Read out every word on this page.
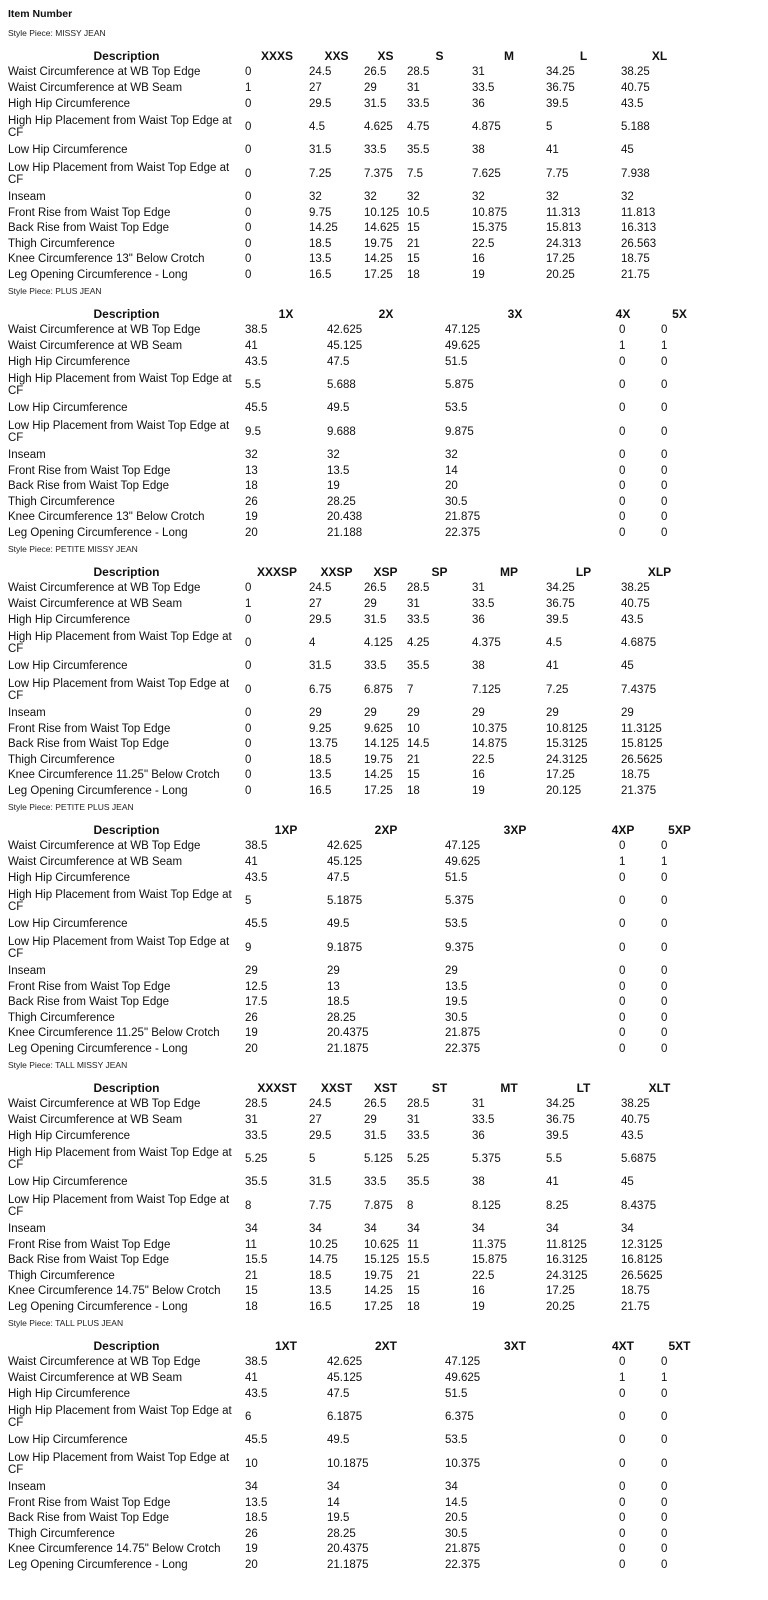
Item Number
Style Piece: MISSY JEAN
Description	XXXS	XXS	XS	S	M	L	XL
Waist Circumference at WB Top Edge	0	24.5	26.5	28.5	31	34.25	38.25
Waist Circumference at WB Seam	1	27	29	31	33.5	36.75	40.75
High Hip Circumference	0	29.5	31.5	33.5	36	39.5	43.5
High Hip Placement from Waist Top Edge at CF	0	4.5	4.625	4.75	4.875	5	5.188
Low Hip Circumference	0	31.5	33.5	35.5	38	41	45
Low Hip Placement from Waist Top Edge at CF	0	7.25	7.375	7.5	7.625	7.75	7.938
Inseam	0	32	32	32	32	32	32
Front Rise from Waist Top Edge	0	9.75	10.125	10.5	10.875	11.313	11.813
Back Rise from Waist Top Edge	0	14.25	14.625	15	15.375	15.813	16.313
Thigh Circumference	0	18.5	19.75	21	22.5	24.313	26.563
Knee Circumference 13" Below Crotch	0	13.5	14.25	15	16	17.25	18.75
Leg Opening Circumference - Long	0	16.5	17.25	18	19	20.25	21.75
Style Piece: PLUS JEAN
Description	1X	2X	3X	4X	5X
Waist Circumference at WB Top Edge	38.5	42.625	47.125	0	0
Waist Circumference at WB Seam	41	45.125	49.625	1	1
High Hip Circumference	43.5	47.5	51.5	0	0
High Hip Placement from Waist Top Edge at CF	5.5	5.688	5.875	0	0
Low Hip Circumference	45.5	49.5	53.5	0	0
Low Hip Placement from Waist Top Edge at CF	9.5	9.688	9.875	0	0
Inseam	32	32	32	0	0
Front Rise from Waist Top Edge	13	13.5	14	0	0
Back Rise from Waist Top Edge	18	19	20	0	0
Thigh Circumference	26	28.25	30.5	0	0
Knee Circumference 13" Below Crotch	19	20.438	21.875	0	0
Leg Opening Circumference - Long	20	21.188	22.375	0	0
Style Piece: PETITE MISSY JEAN
Description	XXXSP	XXSP	XSP	SP	MP	LP	XLP
Waist Circumference at WB Top Edge	0	24.5	26.5	28.5	31	34.25	38.25
Waist Circumference at WB Seam	1	27	29	31	33.5	36.75	40.75
High Hip Circumference	0	29.5	31.5	33.5	36	39.5	43.5
High Hip Placement from Waist Top Edge at CF	0	4	4.125	4.25	4.375	4.5	4.6875
Low Hip Circumference	0	31.5	33.5	35.5	38	41	45
Low Hip Placement from Waist Top Edge at CF	0	6.75	6.875	7	7.125	7.25	7.4375
Inseam	0	29	29	29	29	29	29
Front Rise from Waist Top Edge	0	9.25	9.625	10	10.375	10.8125	11.3125
Back Rise from Waist Top Edge	0	13.75	14.125	14.5	14.875	15.3125	15.8125
Thigh Circumference	0	18.5	19.75	21	22.5	24.3125	26.5625
Knee Circumference 11.25" Below Crotch	0	13.5	14.25	15	16	17.25	18.75
Leg Opening Circumference - Long	0	16.5	17.25	18	19	20.125	21.375
Style Piece: PETITE PLUS JEAN
Description	1XP	2XP	3XP	4XP	5XP
Waist Circumference at WB Top Edge	38.5	42.625	47.125	0	0
Waist Circumference at WB Seam	41	45.125	49.625	1	1
High Hip Circumference	43.5	47.5	51.5	0	0
High Hip Placement from Waist Top Edge at CF	5	5.1875	5.375	0	0
Low Hip Circumference	45.5	49.5	53.5	0	0
Low Hip Placement from Waist Top Edge at CF	9	9.1875	9.375	0	0
Inseam	29	29	29	0	0
Front Rise from Waist Top Edge	12.5	13	13.5	0	0
Back Rise from Waist Top Edge	17.5	18.5	19.5	0	0
Thigh Circumference	26	28.25	30.5	0	0
Knee Circumference 11.25" Below Crotch	19	20.4375	21.875	0	0
Leg Opening Circumference - Long	20	21.1875	22.375	0	0
Style Piece: TALL MISSY JEAN
Description	XXXST	XXST	XST	ST	MT	LT	XLT
Waist Circumference at WB Top Edge	28.5	24.5	26.5	28.5	31	34.25	38.25
Waist Circumference at WB Seam	31	27	29	31	33.5	36.75	40.75
High Hip Circumference	33.5	29.5	31.5	33.5	36	39.5	43.5
High Hip Placement from Waist Top Edge at CF	5.25	5	5.125	5.25	5.375	5.5	5.6875
Low Hip Circumference	35.5	31.5	33.5	35.5	38	41	45
Low Hip Placement from Waist Top Edge at CF	8	7.75	7.875	8	8.125	8.25	8.4375
Inseam	34	34	34	34	34	34	34
Front Rise from Waist Top Edge	11	10.25	10.625	11	11.375	11.8125	12.3125
Back Rise from Waist Top Edge	15.5	14.75	15.125	15.5	15.875	16.3125	16.8125
Thigh Circumference	21	18.5	19.75	21	22.5	24.3125	26.5625
Knee Circumference 14.75" Below Crotch	15	13.5	14.25	15	16	17.25	18.75
Leg Opening Circumference - Long	18	16.5	17.25	18	19	20.25	21.75
Style Piece: TALL PLUS JEAN
Description	1XT	2XT	3XT	4XT	5XT
Waist Circumference at WB Top Edge	38.5	42.625	47.125	0	0
Waist Circumference at WB Seam	41	45.125	49.625	1	1
High Hip Circumference	43.5	47.5	51.5	0	0
High Hip Placement from Waist Top Edge at CF	6	6.1875	6.375	0	0
Low Hip Circumference	45.5	49.5	53.5	0	0
Low Hip Placement from Waist Top Edge at CF	10	10.1875	10.375	0	0
Inseam	34	34	34	0	0
Front Rise from Waist Top Edge	13.5	14	14.5	0	0
Back Rise from Waist Top Edge	18.5	19.5	20.5	0	0
Thigh Circumference	26	28.25	30.5	0	0
Knee Circumference 14.75" Below Crotch	19	20.4375	21.875	0	0
Leg Opening Circumference - Long	20	21.1875	22.375	0	0
